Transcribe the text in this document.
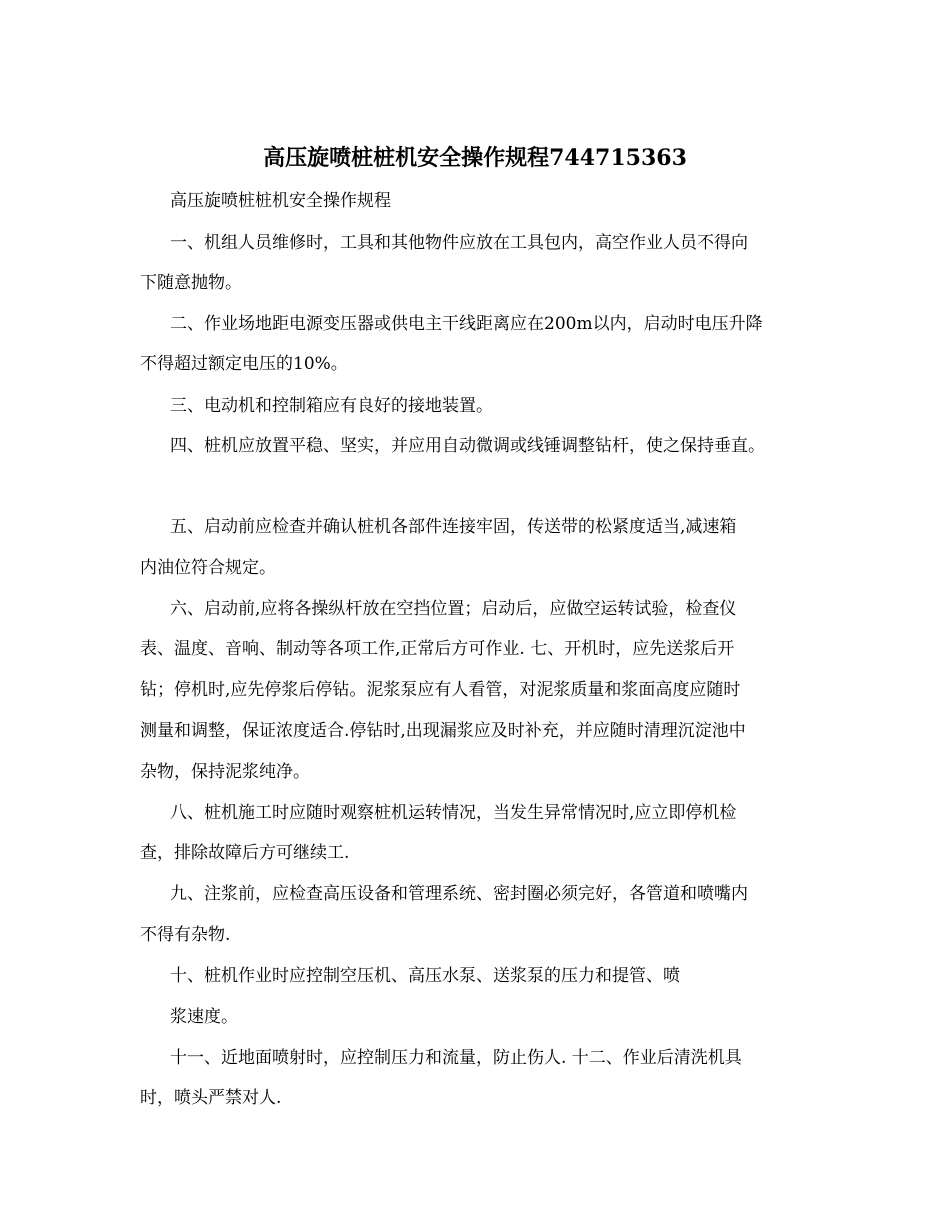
高压旋喷桩桩机安全操作规程744715363

高压旋喷桩桩机安全操作规程

一、机组人员维修时，工具和其他物件应放在工具包内，高空作业人员不得向

下随意抛物。

二、作业场地距电源变压器或供电主干线距离应在200m以内，启动时电压升降

不得超过额定电压的10%。

三、电动机和控制箱应有良好的接地装置。

四、桩机应放置平稳、坚实，并应用自动微调或线锤调整钻杆，使之保持垂直。

五、启动前应检查并确认桩机各部件连接牢固，传送带的松紧度适当,减速箱

内油位符合规定。

六、启动前,应将各操纵杆放在空挡位置；启动后，应做空运转试验，检查仪

表、温度、音响、制动等各项工作,正常后方可作业. 七、开机时，应先送浆后开

钻；停机时,应先停浆后停钻。泥浆泵应有人看管，对泥浆质量和浆面高度应随时

测量和调整，保证浓度适合.停钻时,出现漏浆应及时补充，并应随时清理沉淀池中

杂物，保持泥浆纯净。

八、桩机施工时应随时观察桩机运转情况，当发生异常情况时,应立即停机检

查，排除故障后方可继续工.

九、注浆前，应检查高压设备和管理系统、密封圈必须完好，各管道和喷嘴内

不得有杂物.

十、桩机作业时应控制空压机、高压水泵、送浆泵的压力和提管、喷

浆速度。

十一、近地面喷射时，应控制压力和流量，防止伤人. 十二、作业后清洗机具

时，喷头严禁对人.
